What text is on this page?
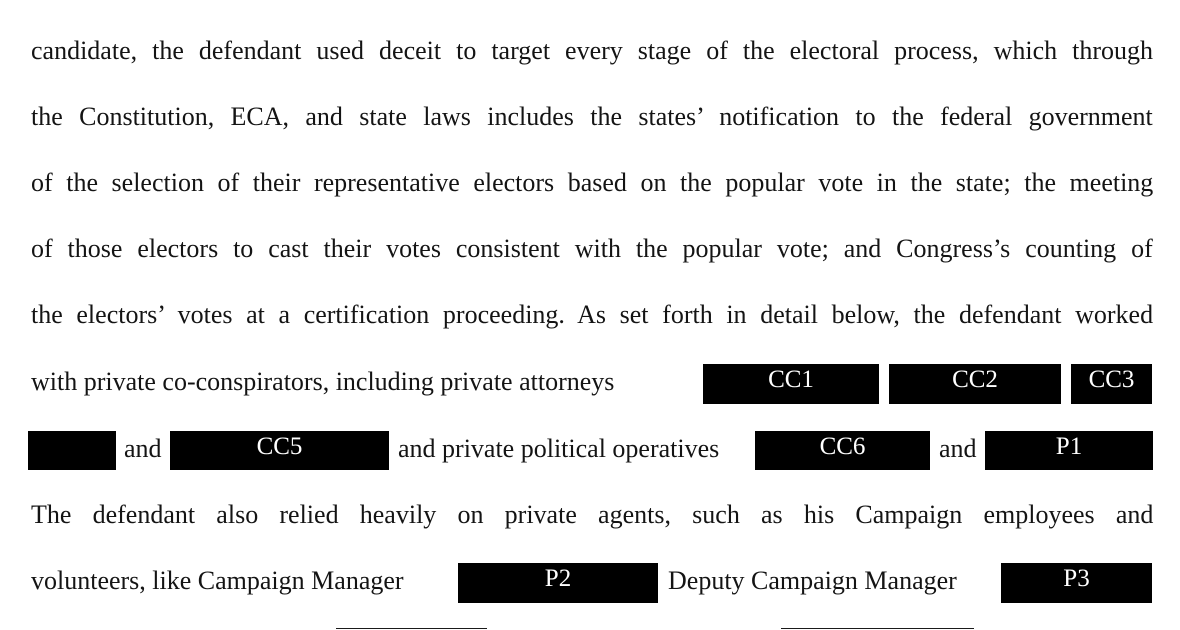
candidate, the defendant used deceit to target every stage of the electoral process, which through
the Constitution, ECA, and state laws includes the states’ notification to the federal government
of the selection of their representative electors based on the popular vote in the state; the meeting
of those electors to cast their votes consistent with the popular vote; and Congress’s counting of
the electors’ votes at a certification proceeding. As set forth in detail below, the defendant worked
with private co-conspirators, including private attorneys	CC1	CC2	CC3
and	CC5	and private political operatives	CC6	and	P1
The defendant also relied heavily on private agents, such as his Campaign employees and
volunteers, like Campaign Manager	P2	Deputy Campaign Manager	P3
